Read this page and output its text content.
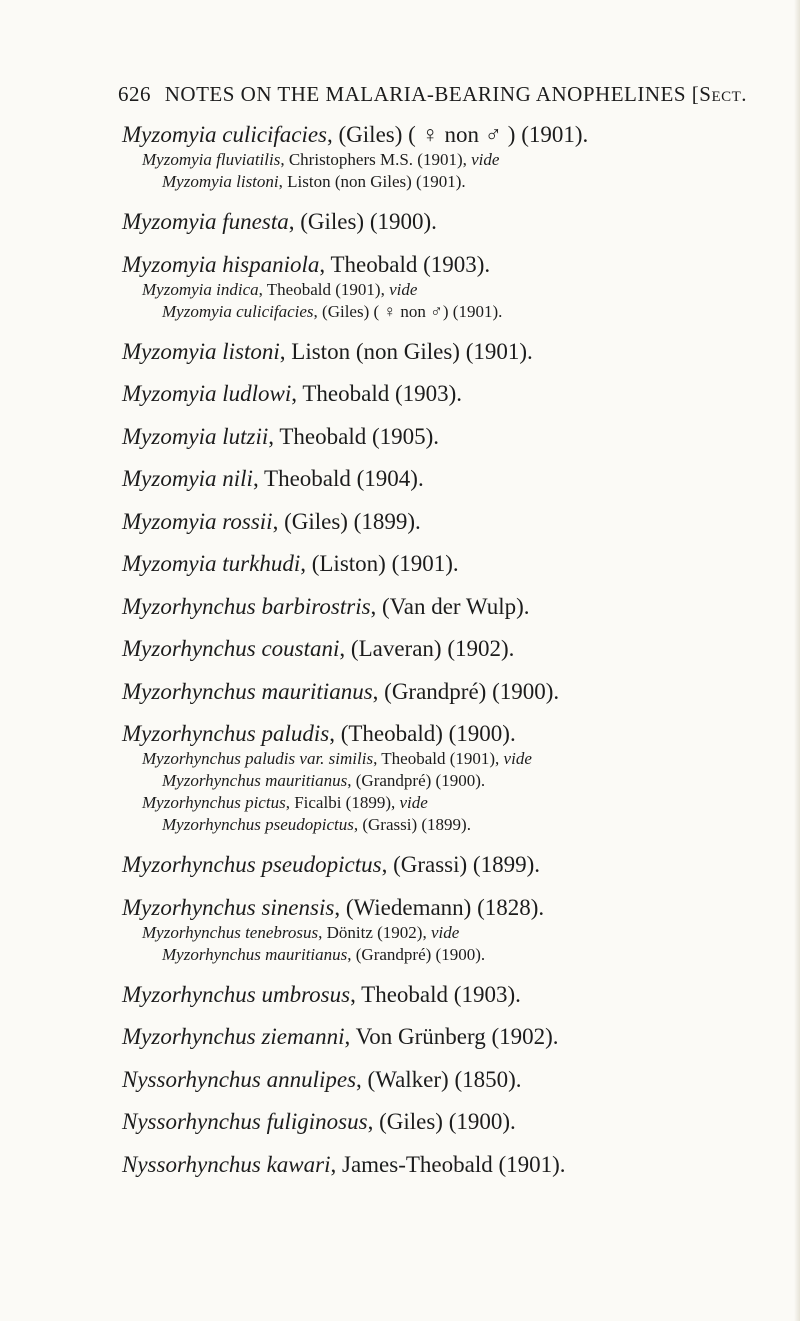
626 NOTES ON THE MALARIA-BEARING ANOPHELINES [Sect.
Myzomyia culicifacies, (Giles) ( ♀ non ♂ ) (1901).
Myzomyia fluviatilis, Christophers M.S. (1901), vide
Myzomyia listoni, Liston (non Giles) (1901).
Myzomyia funesta, (Giles) (1900).
Myzomyia hispaniola, Theobald (1903).
Myzomyia indica, Theobald (1901), vide
Myzomyia culicifacies, (Giles) ( ♀ non ♂) (1901).
Myzomyia listoni, Liston (non Giles) (1901).
Myzomyia ludlowi, Theobald (1903).
Myzomyia lutzii, Theobald (1905).
Myzomyia nili, Theobald (1904).
Myzomyia rossii, (Giles) (1899).
Myzomyia turkhudi, (Liston) (1901).
Myzorhynchus barbirostris, (Van der Wulp).
Myzorhynchus coustani, (Laveran) (1902).
Myzorhynchus mauritianus, (Grandpré) (1900).
Myzorhynchus paludis, (Theobald) (1900).
Myzorhynchus paludis var. similis, Theobald (1901), vide
Myzorhynchus mauritianus, (Grandpré) (1900).
Myzorhynchus pictus, Ficalbi (1899), vide
Myzorhynchus pseudopictus, (Grassi) (1899).
Myzorhynchus pseudopictus, (Grassi) (1899).
Myzorhynchus sinensis, (Wiedemann) (1828).
Myzorhynchus tenebrosus, Dönitz (1902), vide
Myzorhynchus mauritianus, (Grandpré) (1900).
Myzorhynchus umbrosus, Theobald (1903).
Myzorhynchus ziemanni, Von Grünberg (1902).
Nyssorhynchus annulipes, (Walker) (1850).
Nyssorhynchus fuliginosus, (Giles) (1900).
Nyssorhynchus kawari, James-Theobald (1901).
